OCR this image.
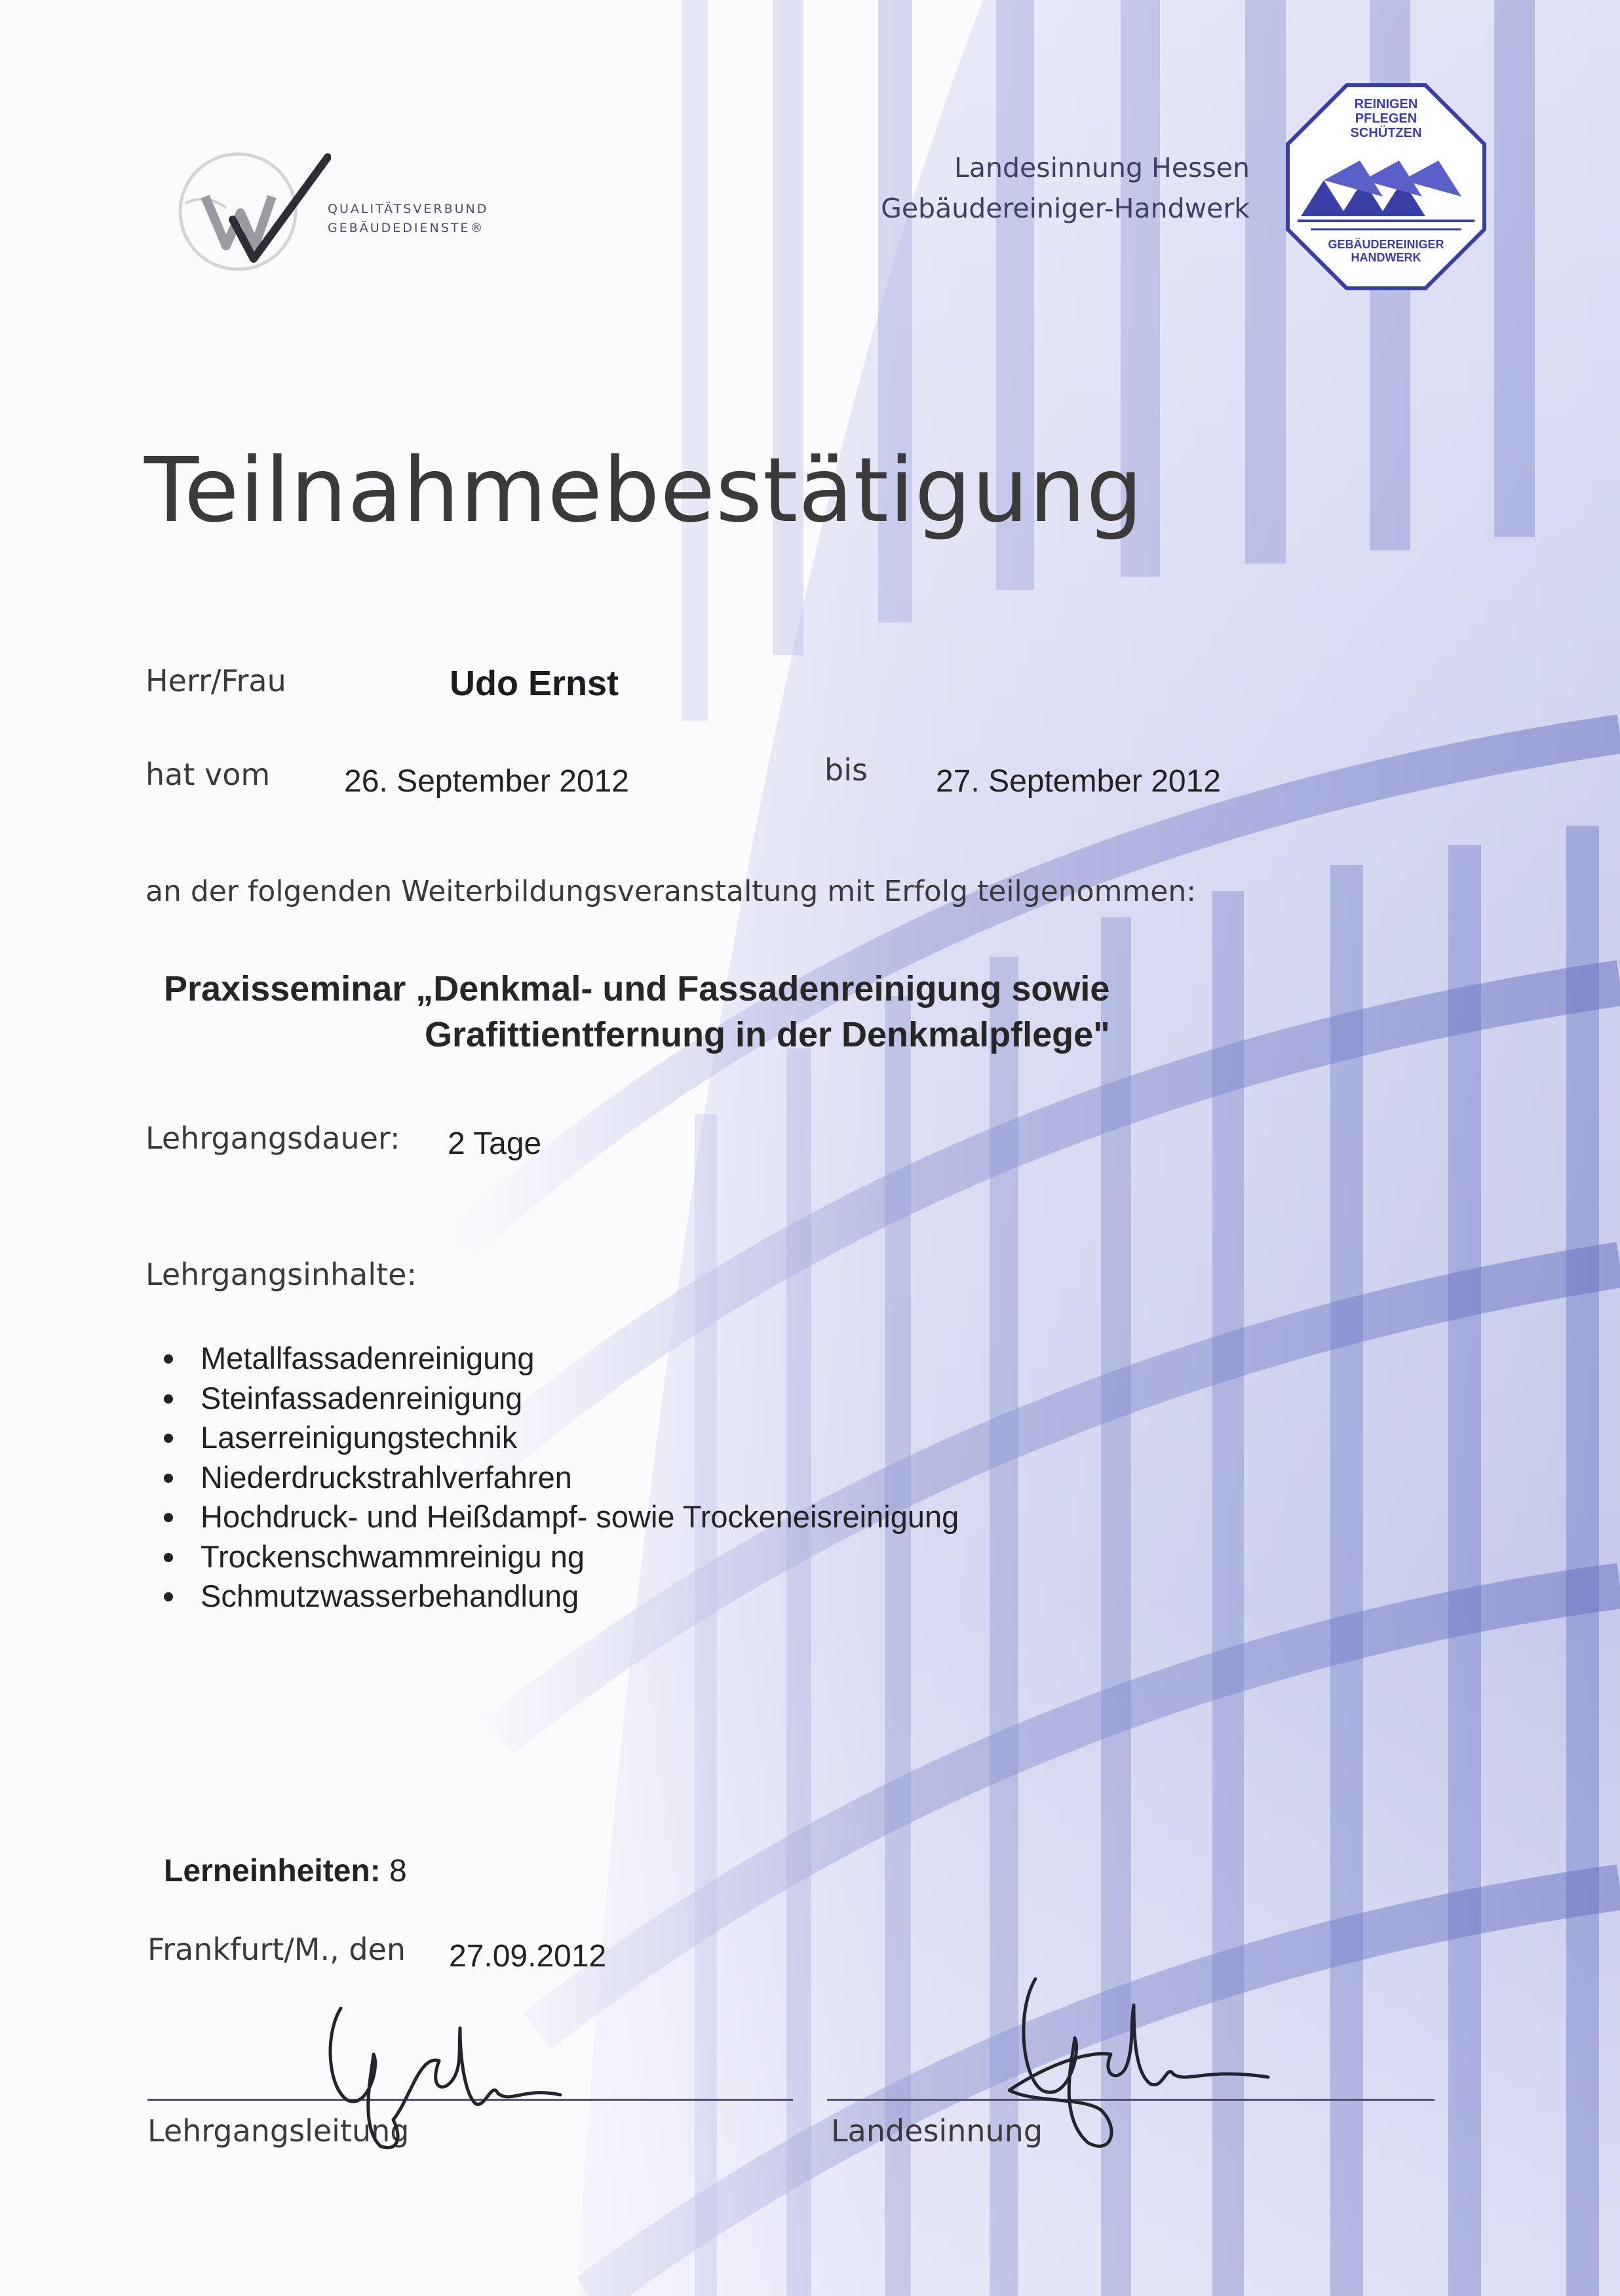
QUALITÄTSVERBUND
GEBÄUDEDIENSTE®
Landesinnung Hessen
Gebäudereiniger-Handwerk
REINIGEN
PFLEGEN
SCHÜTZEN
GEBÄUDEREINIGER
HANDWERK
Teilnahmebestätigung
Herr/Frau	Udo Ernst
hat vom 26. September 2012	bis 27. September 2012
an der folgenden Weiterbildungsveranstaltung mit Erfolg teilgenommen:
Praxisseminar „Denkmal- und Fassadenreinigung sowie
Grafittientfernung in der Denkmalpflege"
Lehrgangsdauer: 2 Tage
Lehrgangsinhalte:
Metallfassadenreinigung
Steinfassadenreinigung
Laserreinigungstechnik
Niederdruckstrahlverfahren
Hochdruck- und Heißdampf- sowie Trockeneisreinigung
Trockenschwammreinigu ng
Schmutzwasserbehandlung
Lerneinheiten: 8
Frankfurt/M., den 27.09.2012
Lehrgangsleitung	Landesinnung
